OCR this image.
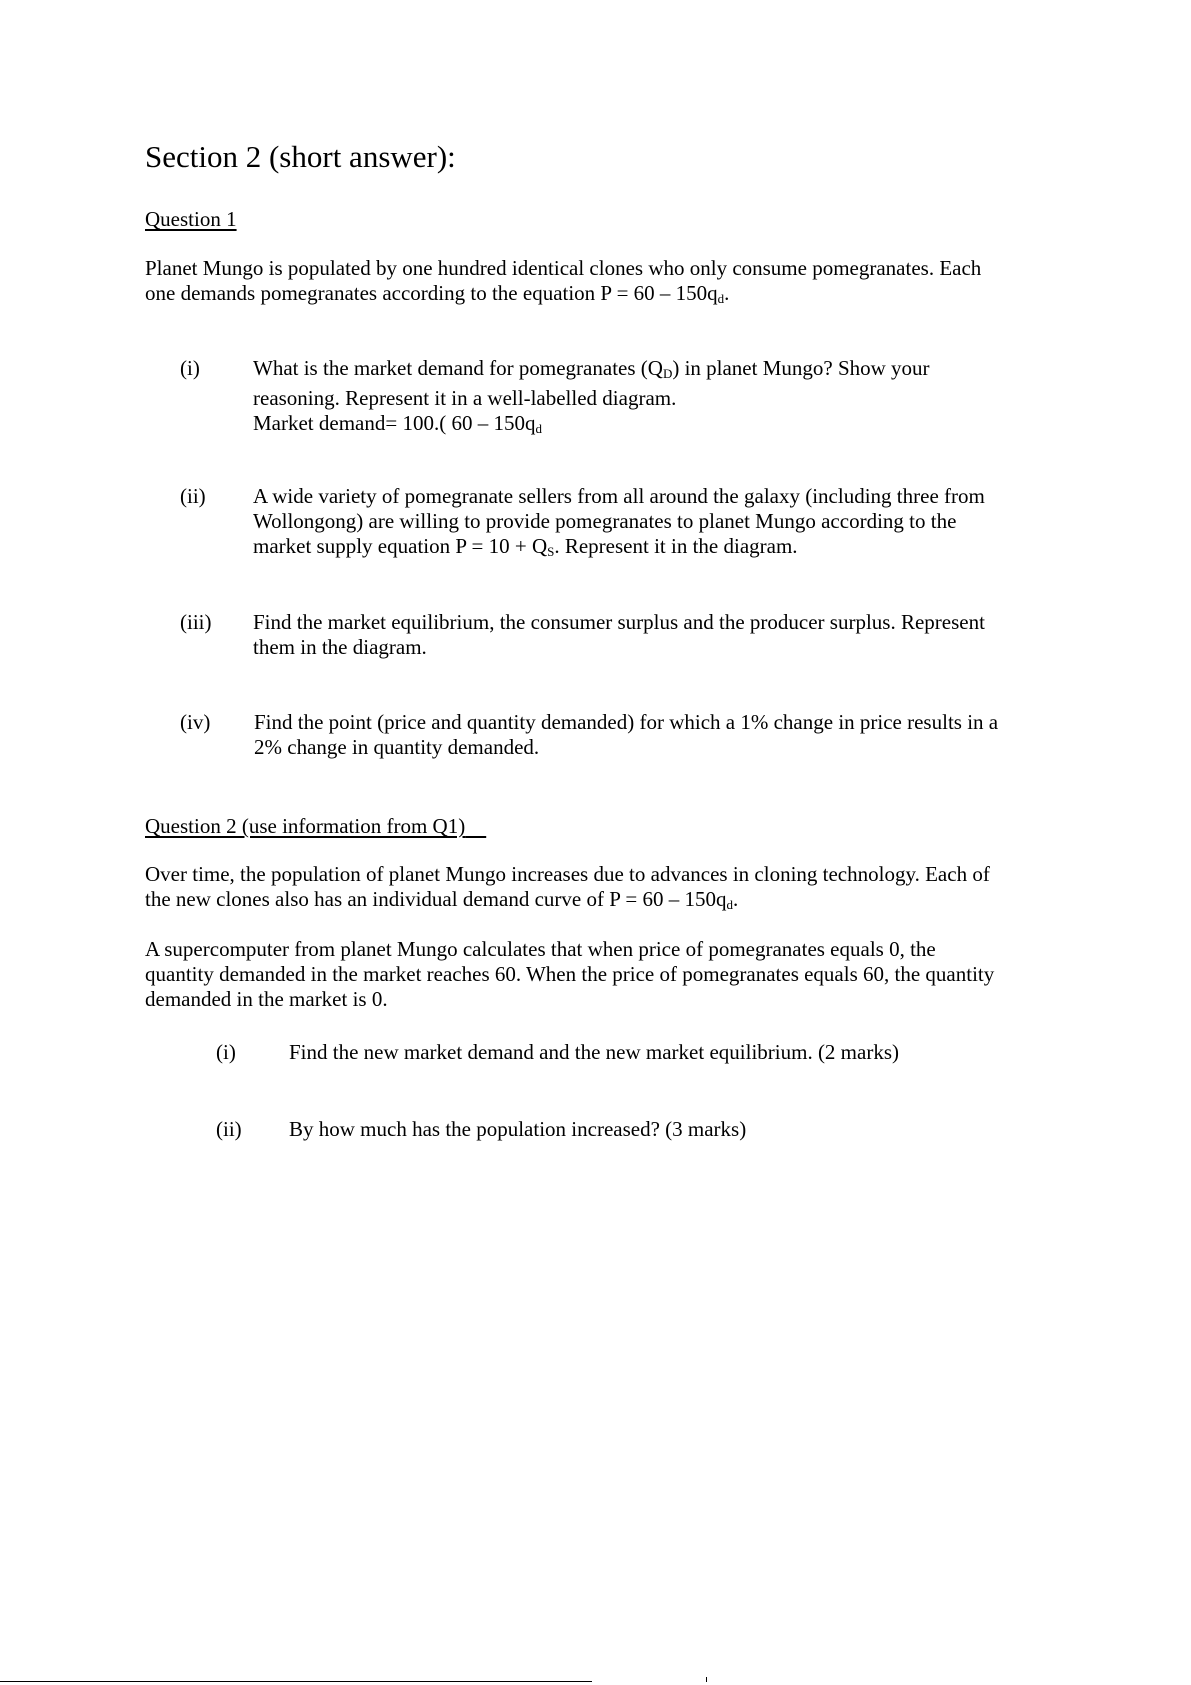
Section 2 (short answer):

Question 1

Planet Mungo is populated by one hundred identical clones who only consume pomegranates. Each
one demands pomegranates according to the equation $P = 60 - 150q_d$.

(i)	What is the market demand for pomegranates $(Q_D)$ in planet Mungo? Show your
reasoning. Represent it in a well-labelled diagram.
Market demand= 100.( $60 - 150q_d$

(ii) A wide variety of pomegranate sellers from all around the galaxy (including three from
Wollongong) are willing to provide pomegranates to planet Mungo according to the
market supply equation $P = 10 + Q_S$. Represent it in the diagram.

(iii) Find the market equilibrium, the consumer surplus and the producer surplus. Represent
them in the diagram.

(iv) Find the point (price and quantity demanded) for which a 1% change in price results in a
2% change in quantity demanded.

Question 2 (use information from Q1)

Over time, the population of planet Mungo increases due to advances in cloning technology. Each of
the new clones also has an individual demand curve of $P = 60 - 150q_d$.

A supercomputer from planet Mungo calculates that when price of pomegranates equals 0, the
quantity demanded in the market reaches 60. When the price of pomegranates equals 60, the quantity
demanded in the market is 0.

(i)	Find the new market demand and the new market equilibrium. (2 marks)

(ii) By how much has the population increased? (3 marks)
